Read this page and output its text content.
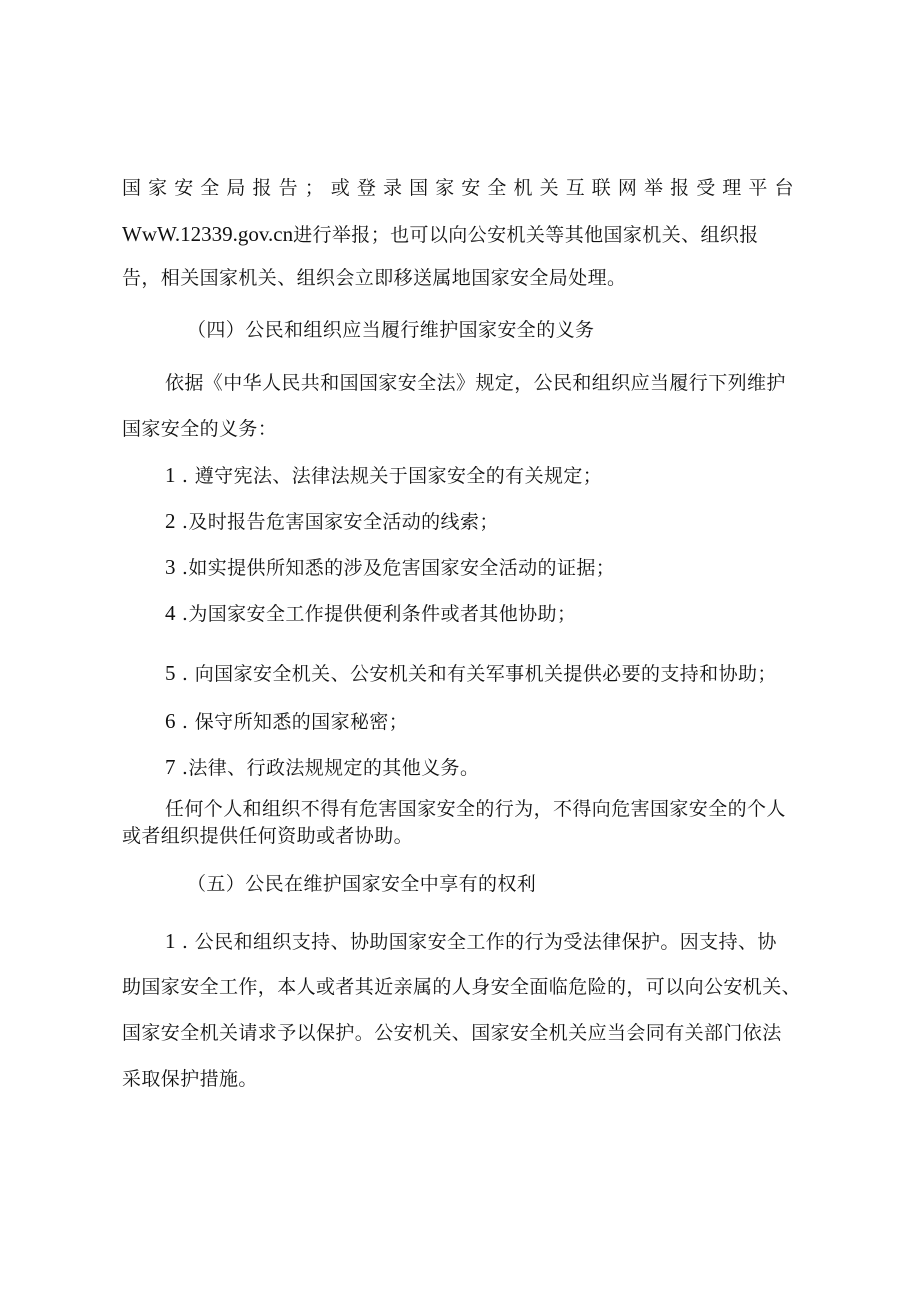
国家安全局报告；或登录国家安全机关互联网举报受理平台
WwW.12339.gov.cn进行举报；也可以向公安机关等其他国家机关、组织报
告，相关国家机关、组织会立即移送属地国家安全局处理。
（四）公民和组织应当履行维护国家安全的义务
依据《中华人民共和国国家安全法》规定，公民和组织应当履行下列维护
国家安全的义务：
1 . 遵守宪法、法律法规关于国家安全的有关规定；
2 .及时报告危害国家安全活动的线索；
3 .如实提供所知悉的涉及危害国家安全活动的证据；
4 .为国家安全工作提供便利条件或者其他协助；
5 . 向国家安全机关、公安机关和有关军事机关提供必要的支持和协助；
6 . 保守所知悉的国家秘密；
7 .法律、行政法规规定的其他义务。
任何个人和组织不得有危害国家安全的行为，不得向危害国家安全的个人
或者组织提供任何资助或者协助。
（五）公民在维护国家安全中享有的权利
1 . 公民和组织支持、协助国家安全工作的行为受法律保护。因支持、协
助国家安全工作，本人或者其近亲属的人身安全面临危险的，可以向公安机关、
国家安全机关请求予以保护。公安机关、国家安全机关应当会同有关部门依法
采取保护措施。
